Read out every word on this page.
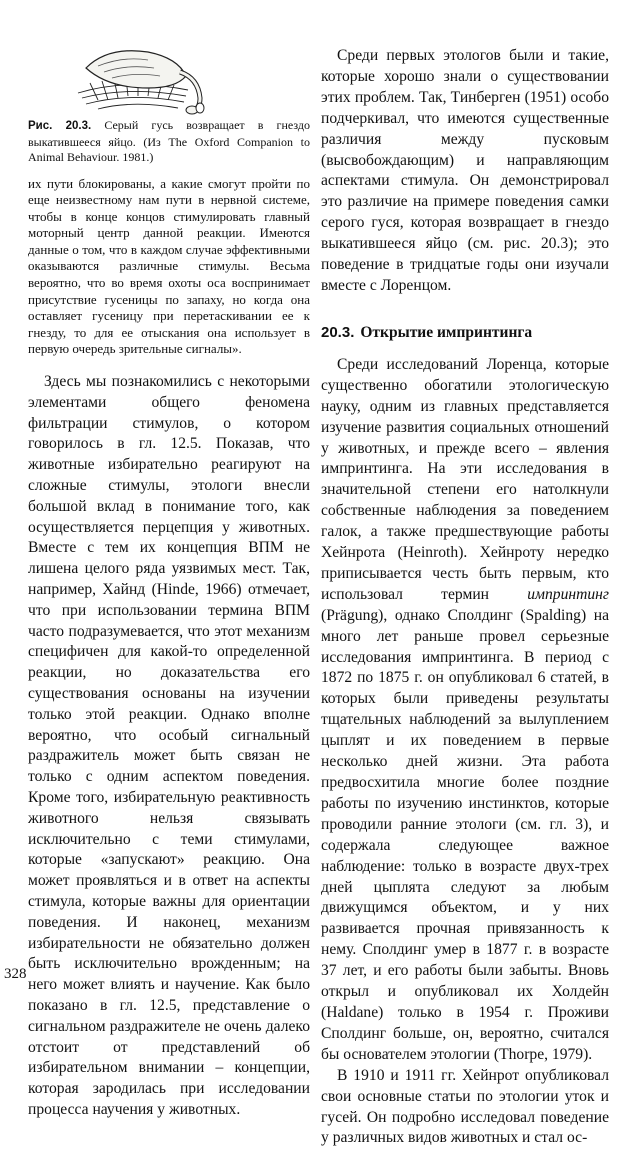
Рис. 20.3. Серый гусь возвращает в гнездо выкатившееся яйцо. (Из The Oxford Companion to Animal Behaviour. 1981.)

их пути блокированы, а какие смогут пройти по еще неизвестному нам пути в нервной системе, чтобы в конце концов стимулировать главный моторный центр данной реакции. Имеются данные о том, что в каждом случае эффективными оказываются различные стимулы. Весьма вероятно, что во время охоты оса воспринимает присутствие гусеницы по запаху, но когда она оставляет гусеницу при перетаскивании ее к гнезду, то для ее отыскания она использует в первую очередь зрительные сигналы».

Здесь мы познакомились с некоторыми элементами общего феномена фильтрации стимулов, о котором говорилось в гл. 12.5. Показав, что животные избирательно реагируют на сложные стимулы, этологи внесли большой вклад в понимание того, как осуществляется перцепция у животных. Вместе с тем их концепция ВПМ не лишена целого ряда уязвимых мест. Так, например, Хайнд (Hinde, 1966) отмечает, что при использовании термина ВПМ часто подразумевается, что этот механизм специфичен для какой-то определенной реакции, но доказательства его существования основаны на изучении только этой реакции. Однако вполне вероятно, что особый сигнальный раздражитель может быть связан не только с одним аспектом поведения. Кроме того, избирательную реактивность животного нельзя связывать исключительно с теми стимулами, которые «запускают» реакцию. Она может проявляться и в ответ на аспекты стимула, которые важны для ориентации поведения. И наконец, механизм избирательности не обязательно должен быть исключительно врожденным; на него может влиять и научение. Как было показано в гл. 12.5, представление о сигнальном раздражителе не очень далеко отстоит от представлений об избирательном внимании – концепции, которая зародилась при исследовании процесса научения у животных.

Среди первых этологов были и такие, которые хорошо знали о существовании этих проблем. Так, Тинберген (1951) особо подчеркивал, что имеются существенные различия между пусковым (высвобождающим) и направляющим аспектами стимула. Он демонстрировал это различие на примере поведения самки серого гуся, которая возвращает в гнездо выкатившееся яйцо (см. рис. 20.3); это поведение в тридцатые годы они изучали вместе с Лоренцом.

20.3. Открытие импринтинга

Среди исследований Лоренца, которые существенно обогатили этологическую науку, одним из главных представляется изучение развития социальных отношений у животных, и прежде всего – явления импринтинга. На эти исследования в значительной степени его натолкнули собственные наблюдения за поведением галок, а также предшествующие работы Хейнрота (Heinroth). Хейнроту нередко приписывается честь быть первым, кто использовал термин импринтинг (Prägung), однако Сполдинг (Spalding) на много лет раньше провел серьезные исследования импринтинга. В период с 1872 по 1875 г. он опубликовал 6 статей, в которых были приведены результаты тщательных наблюдений за вылуплением цыплят и их поведением в первые несколько дней жизни. Эта работа предвосхитила многие более поздние работы по изучению инстинктов, которые проводили ранние этологи (см. гл. 3), и содержала следующее важное наблюдение: только в возрасте двух-трех дней цыплята следуют за любым движущимся объектом, и у них развивается прочная привязанность к нему. Сполдинг умер в 1877 г. в возрасте 37 лет, и его работы были забыты. Вновь открыл и опубликовал их Холдейн (Haldane) только в 1954 г. Проживи Сполдинг больше, он, вероятно, считался бы основателем этологии (Thorpe, 1979).

В 1910 и 1911 гг. Хейнрот опубликовал свои основные статьи по этологии уток и гусей. Он подробно исследовал поведение у различных видов животных и стал ос-

328
